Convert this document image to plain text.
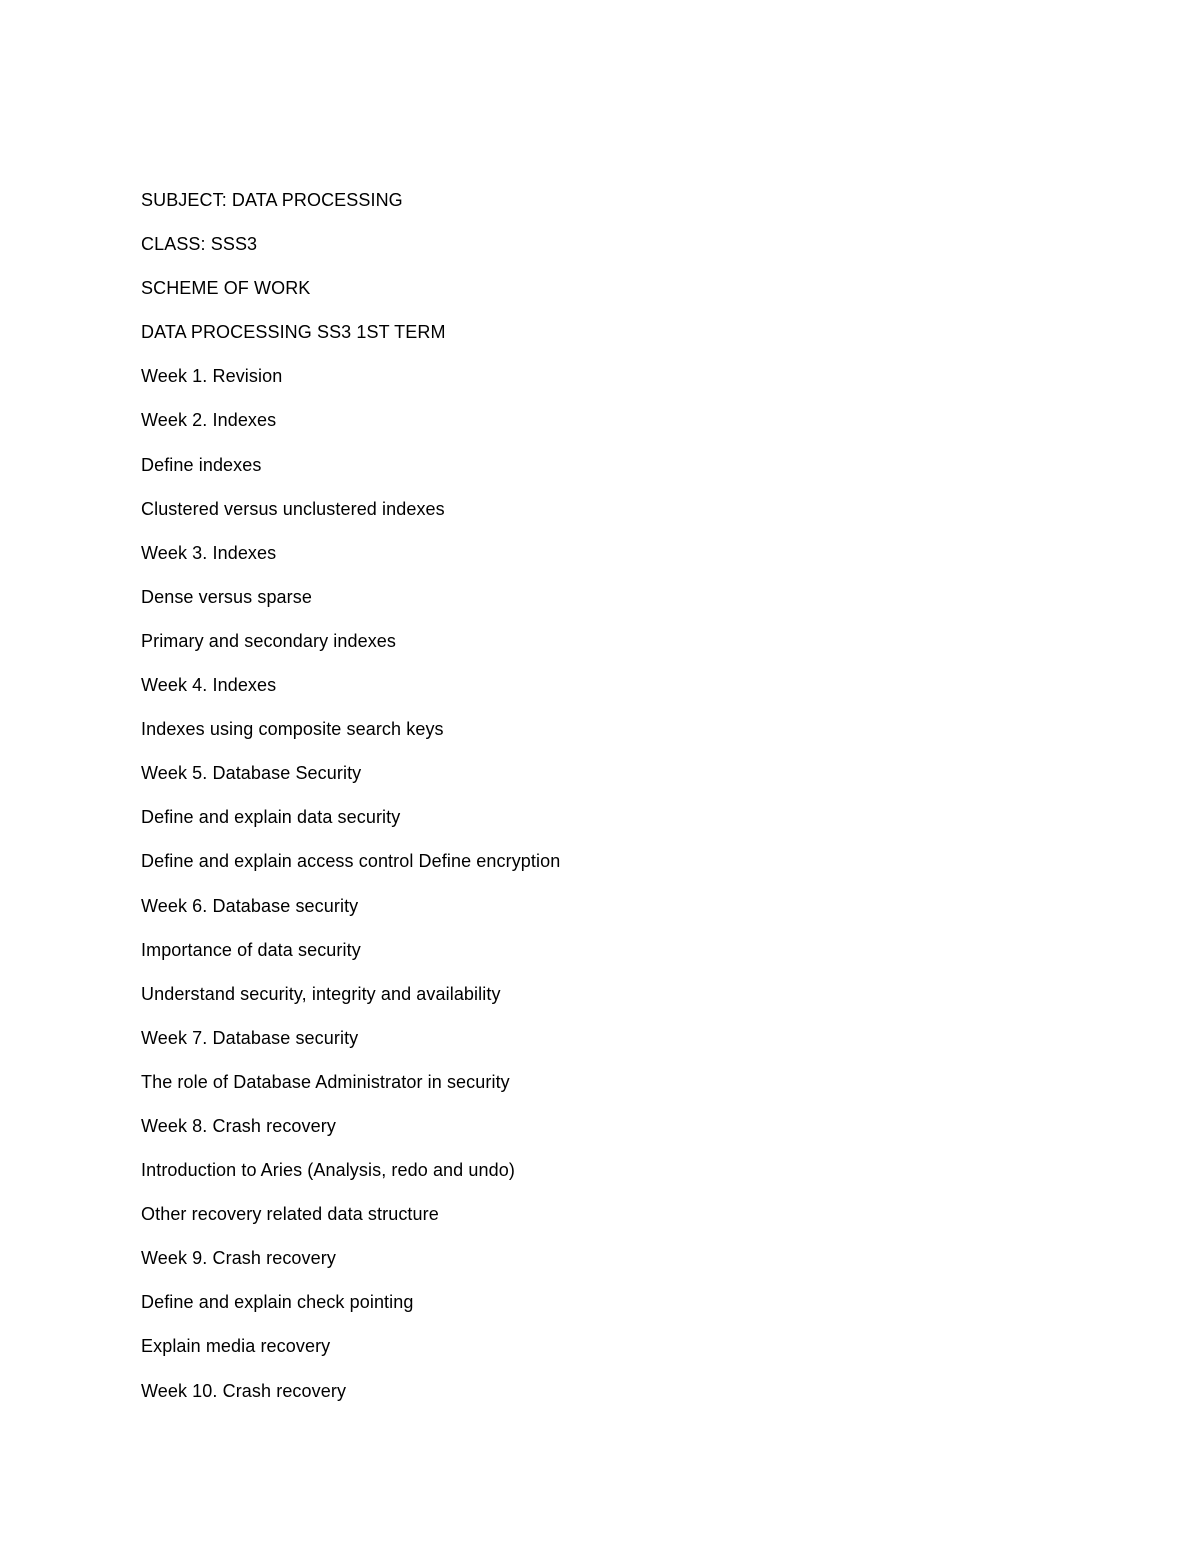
SUBJECT: DATA PROCESSING
CLASS: SSS3
SCHEME OF WORK
DATA PROCESSING SS3 1ST TERM
Week 1. Revision
Week 2. Indexes
Define indexes
Clustered versus unclustered indexes
Week 3. Indexes
Dense versus sparse
Primary and secondary indexes
Week 4. Indexes
Indexes using composite search keys
Week 5. Database Security
Define and explain data security
Define and explain access control Define encryption
Week 6. Database security
Importance of data security
Understand security, integrity and availability
Week 7. Database security
The role of Database Administrator in security
Week 8. Crash recovery
Introduction to Aries (Analysis, redo and undo)
Other recovery related data structure
Week 9. Crash recovery
Define and explain check pointing
Explain media recovery
Week 10. Crash recovery
